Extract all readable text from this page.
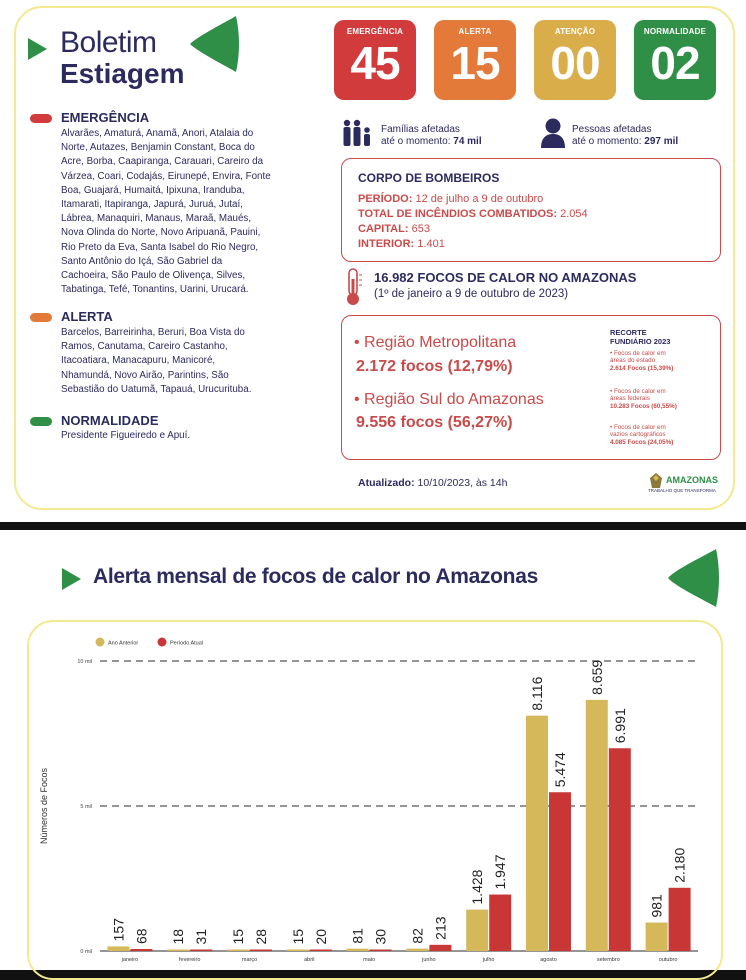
Boletim
Estiagem
EMERGÊNCIA
45
ALERTA
15
ATENÇÃO
00
NORMALIDADE
02
EMERGÊNCIA
Alvarães, Amaturá, Anamã, Anori, Atalaia do
Norte, Autazes, Benjamin Constant, Boca do
Acre, Borba, Caapiranga, Carauari, Careiro da
Várzea, Coari, Codajás, Eirunepé, Envira, Fonte
Boa, Guajará, Humaitá, Ipixuna, Iranduba,
Itamarati, Itapiranga, Japurá, Juruá, Jutaí,
Lábrea, Manaquiri, Manaus, Maraã, Maués,
Nova Olinda do Norte, Novo Aripuanã, Pauini,
Rio Preto da Eva, Santa Isabel do Rio Negro,
Santo Antônio do Içá, São Gabriel da
Cachoeira, São Paulo de Olivença, Silves,
Tabatinga, Tefé, Tonantins, Uarini, Urucará.
ALERTA
Barcelos, Barreirinha, Beruri, Boa Vista do
Ramos, Canutama, Careiro Castanho,
Itacoatiara, Manacapuru, Manicoré,
Nhamundá, Novo Airão, Parintins, São
Sebastião do Uatumã, Tapauá, Urucurituba.
NORMALIDADE
Presidente Figueiredo e Apuí.
Famílias afetadas
até o momento: 74 mil
Pessoas afetadas
até o momento: 297 mil
CORPO DE BOMBEIROS
PERÍODO: 12 de julho a 9 de outubro
TOTAL DE INCÊNDIOS COMBATIDOS: 2.054
CAPITAL: 653
INTERIOR: 1.401
16.982 FOCOS DE CALOR NO AMAZONAS
(1º de janeiro a 9 de outubro de 2023)
• Região Metropolitana
2.172 focos (12,79%)
• Região Sul do Amazonas
9.556 focos (56,27%)
RECORTE
FUNDIÁRIO 2023
• Focos de calor em
áreas do estado
2.614 Focos (15,39%)
• Focos de calor em
áreas federais
10.283 Focos (60,55%)
• Focos de calor em
vazios cartográficos
4.085 Focos (24,05%)
Atualizado: 10/10/2023, às 14h	AMAZONAS
TRABALHO QUE TRANSFORMA
Alerta mensal de focos de calor no Amazonas
0 mil
5 mil
10 mil
Números de Focos
Ano Anterior	Período Atual
157 68
janeiro
18 31
fevereiro
15 28
março
15 20
abril
81 30
maio
82 213
junho
1.428 1.947
julho
8.116
5.474
agosto
8.659
6.991
setembro
981
2.180
outubro
